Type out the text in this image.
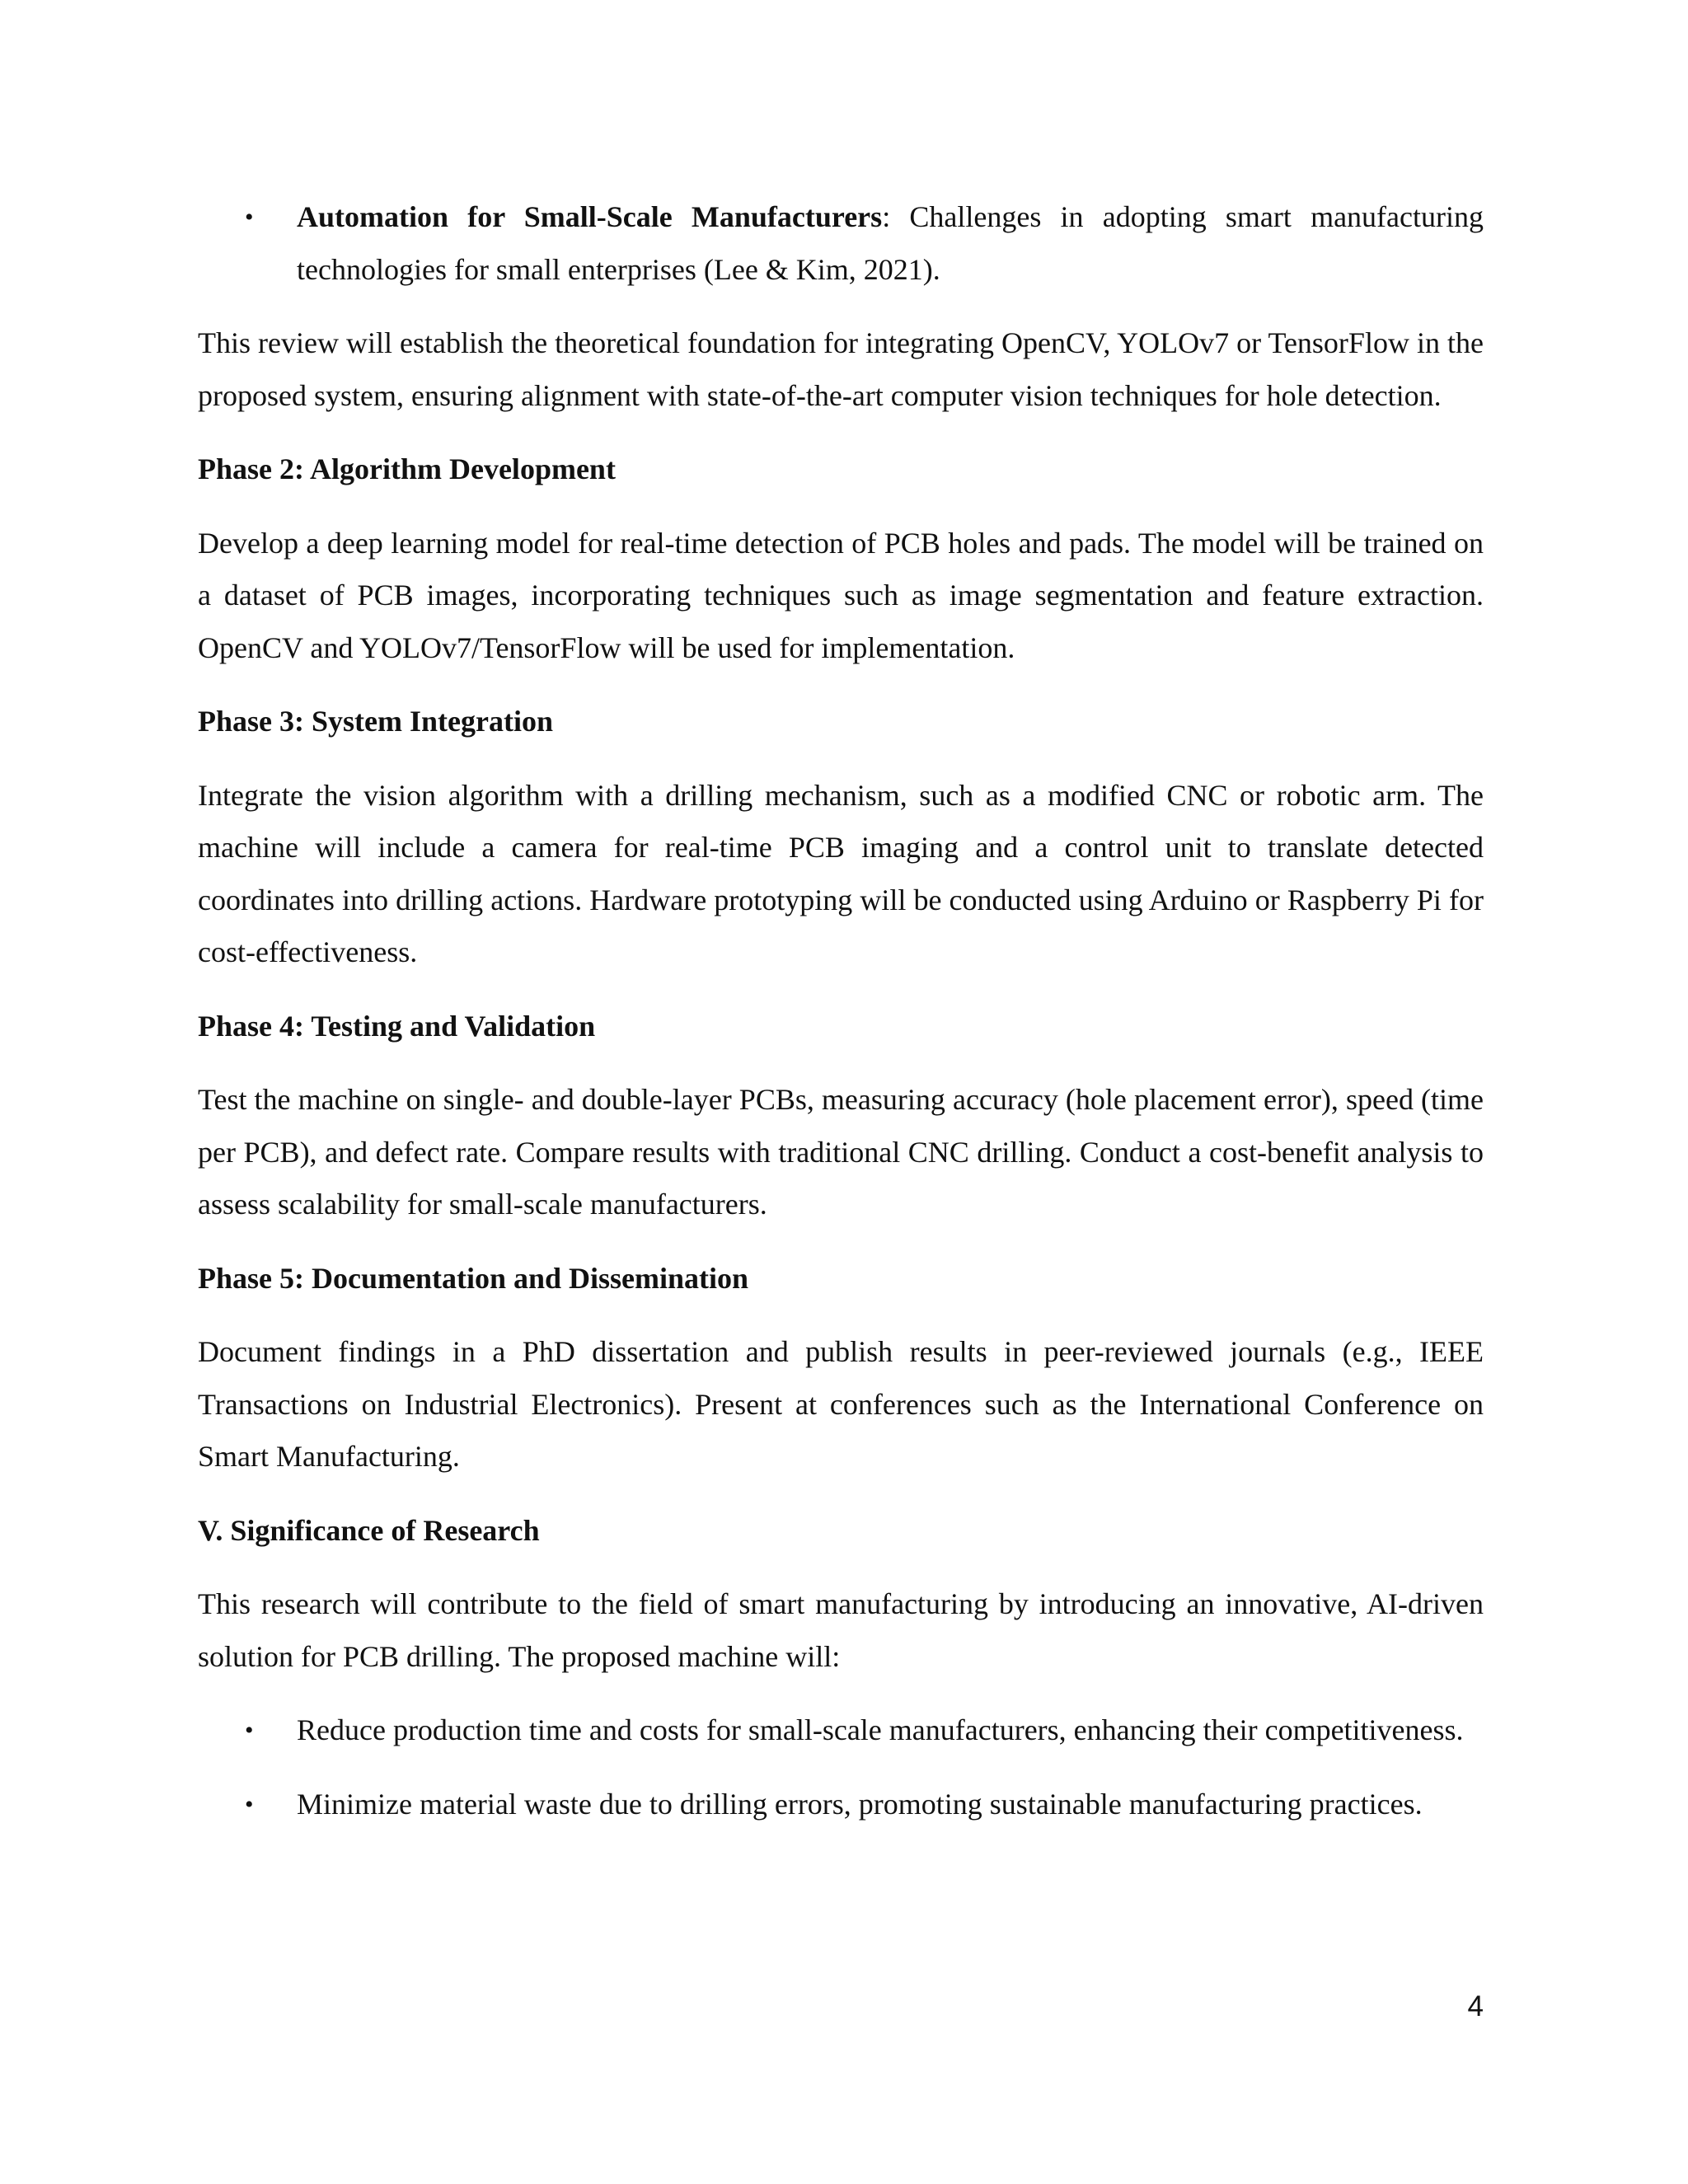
• Automation for Small-Scale Manufacturers: Challenges in adopting smart manufacturing technologies for small enterprises (Lee & Kim, 2021).

This review will establish the theoretical foundation for integrating OpenCV, YOLOv7 or TensorFlow in the proposed system, ensuring alignment with state-of-the-art computer vision techniques for hole detection.

Phase 2: Algorithm Development

Develop a deep learning model for real-time detection of PCB holes and pads. The model will be trained on a dataset of PCB images, incorporating techniques such as image segmentation and feature extraction. OpenCV and YOLOv7/TensorFlow will be used for implementation.

Phase 3: System Integration

Integrate the vision algorithm with a drilling mechanism, such as a modified CNC or robotic arm. The machine will include a camera for real-time PCB imaging and a control unit to translate detected coordinates into drilling actions. Hardware prototyping will be conducted using Arduino or Raspberry Pi for cost-effectiveness.

Phase 4: Testing and Validation

Test the machine on single- and double-layer PCBs, measuring accuracy (hole placement error), speed (time per PCB), and defect rate. Compare results with traditional CNC drilling. Conduct a cost-benefit analysis to assess scalability for small-scale manufacturers.

Phase 5: Documentation and Dissemination

Document findings in a PhD dissertation and publish results in peer-reviewed journals (e.g., IEEE Transactions on Industrial Electronics). Present at conferences such as the International Conference on Smart Manufacturing.

V. Significance of Research

This research will contribute to the field of smart manufacturing by introducing an innovative, AI-driven solution for PCB drilling. The proposed machine will:

• Reduce production time and costs for small-scale manufacturers, enhancing their competitiveness.
• Minimize material waste due to drilling errors, promoting sustainable manufacturing practices.
4
